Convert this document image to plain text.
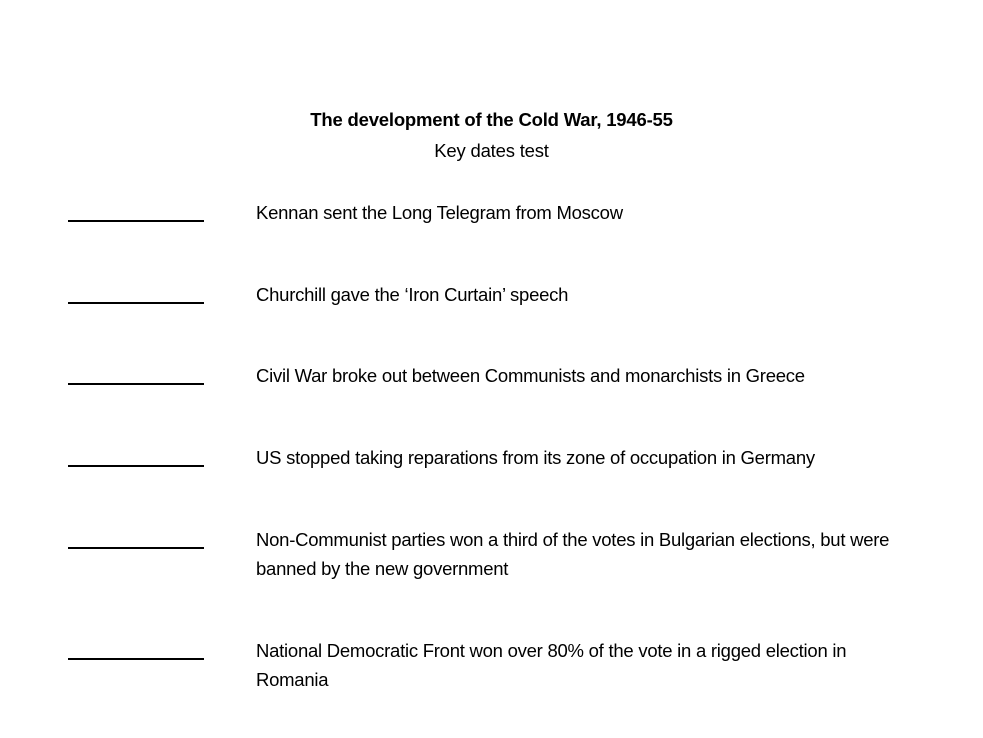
The development of the Cold War, 1946-55
Key dates test
Kennan sent the Long Telegram from Moscow
Churchill gave the ‘Iron Curtain’ speech
Civil War broke out between Communists and monarchists in Greece
US stopped taking reparations from its zone of occupation in Germany
Non-Communist parties won a third of the votes in Bulgarian elections, but were banned by the new government
National Democratic Front won over 80% of the vote in a rigged election in Romania
